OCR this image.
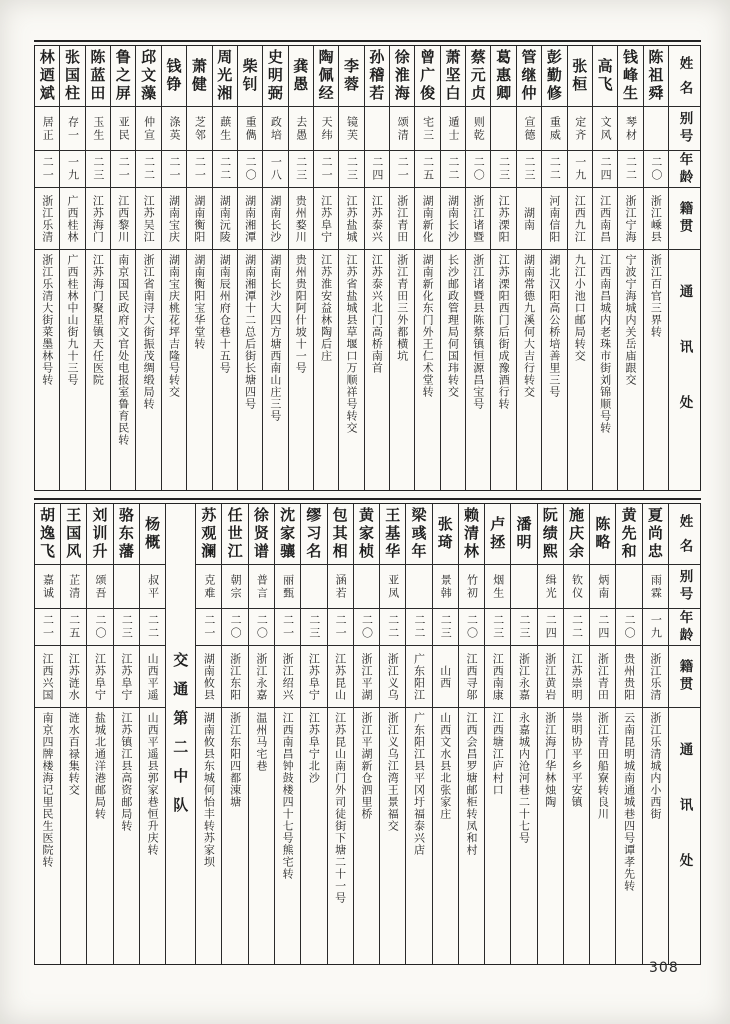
姓名
别号
年龄
籍贯
通讯处
陈祖舜
二〇
浙江嵊县
浙江百官三界转
钱峰生
琴材
二二
浙江宁海
宁波宁海城内关岳庙跟交
高飞
文风
二四
江西南昌
江西南昌城内老珠市街刘锦顺号转
张桓
定齐
一九
江西九江
九江小池口邮局转交
彭勤修
重威
二二
河南信阳
湖北汉阳高公桥培善里三号
管继仲
宣德
二三
湖南
湖南常德九溪何大吉行转交
葛惠卿
二三
江苏溧阳
江苏溧阳西门后街成豫酒行转
蔡元贞
则乾
二〇
浙江诸暨
浙江诸暨县陈蔡镇恒源昌宝号
萧坚白
遁士
二二
湖南长沙
长沙邮政管理局何国玮转交
曾广俊
宅三
二五
湖南新化
湖南新化东门外王仁术堂转
徐淮海
颂清
二一
浙江青田
浙江青田三外都横坑
孙稽若
二四
江苏泰兴
江苏泰兴北门高桥南首
李蓉
镜芙
二三
江苏盐城
江苏省盐城县草堰口万顺祥号转交
陶佩经
天纬
二一
江苏阜宁
江苏淮安益林陶后庄
龚愚
去愚
二三
贵州婺川
贵州贵阳阿什坡十一号
史明弼
政培
一八
湖南长沙
湖南长沙大四方塘西南山庄三号
柴钊
重儁
二〇
湖南湘潭
湖南湘潭十二总后街长塘四号
周光湘
蕻生
二二
湖南沅陵
湖南辰州府仓巷十五号
萧健
芝邻
二一
湖南衡阳
湖南衡阳宝华堂转
钱铮
涤英
二一
湖南宝庆
湖南宝庆桃花坪吉隆号转交
邱文藻
仲宣
二二
江苏吴江
浙江省南浔大街振茂绸缎局转
鲁之屏
亚民
二一
江西黎川
南京国民政府文官处电报室鲁育民转
陈蓝田
玉生
二三
江苏海门
江苏海门聚星镇天任医院
张国柱
存一
一九
广西桂林
广西桂林中山街九十三号
林迺斌
居正
二一
浙江乐清
浙江乐清大街菜墨林号转
姓名
别号
年龄
籍贯
通讯处
夏尚忠
雨霖
一九
浙江乐清
浙江乐清城内小西街
黄先和
二〇
贵州贵阳
云南昆明城南通城巷四号谭孝先转
陈略
炳南
二四
浙江青田
浙江青田船寮转良川
施庆余
钦仪
二二
江苏崇明
崇明协平乡平安镇
阮绩熙
缉光
二四
浙江黄岩
浙江海门华林烛陶
潘明
二三
浙江永嘉
永嘉城内沧河巷二十七号
卢拯
烟生
二三
江西南康
江西塘江庐村口
赖清林
竹初
二〇
江西寻邬
江西会昌罗塘邮柜转凤和村
张琦
景韩
二三
山西
山西文水县北张家庄
梁彧年
二二
广东阳江
广东阳江县平冈圩福泰兴店
王基华
亚凤
二二
浙江义乌
浙江义乌江湾王景福交
黄家桢
二〇
浙江平湖
浙江平湖新仓泗里桥
包其相
涵若
二一
江苏昆山
江苏昆山南门外司徒街下塘二十一号
缪习名
二三
江苏阜宁
江苏阜宁北沙
沈家骧
丽甄
二一
浙江绍兴
江西南昌钟鼓楼四十七号熊宅转
徐贤谱
普言
二〇
浙江永嘉
温州马宅巷
任世江
朝宗
二〇
浙江东阳
浙江东阳四都涷塘
苏观澜
克难
二一
湖南攸县
湖南攸县东城何怡丰转苏家坝
交通第二中队
杨概
叔平
二二
山西平遥
山西平遥县郭家巷恒升庆转
骆东藩
二三
江苏阜宁
江苏镇江县高资邮局转
刘训升
颂吾
二〇
江苏阜宁
盐城北通洋港邮局转
王国风
芷清
二五
江苏涟水
涟水百禄集转交
胡逸飞
嘉诚
二一
江西兴国
南京四牌楼海记里民生医院转
308
